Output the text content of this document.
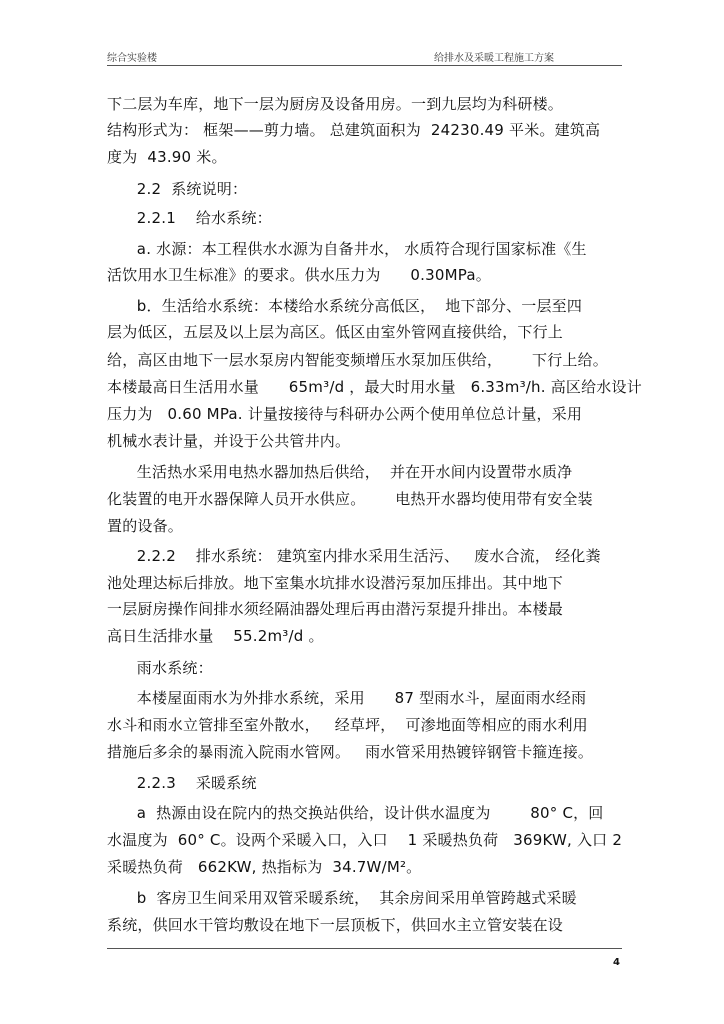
综合实验楼	给排水及采暖工程施工方案
下二层为车库，地下一层为厨房及设备用房。一到九层均为科研楼。
结构形式为： 框架——剪力墙。 总建筑面积为  24230.49 平米。建筑高
度为  43.90 米。
2.2  系统说明：
2.2.1    给水系统：
a. 水源：本工程供水水源为自备井水， 水质符合现行国家标准《生
活饮用水卫生标准》的要求。供水压力为      0.30MPa。
b．生活给水系统：本楼给水系统分高低区，  地下部分、一层至四
层为低区，五层及以上层为高区。低区由室外管网直接供给，下行上
给，高区由地下一层水泵房内智能变频增压水泵加压供给，      下行上给。
本楼最高日生活用水量      65m³/d ，最大时用水量   6.33m³/h. 高区给水设计
压力为   0.60 MPa. 计量按接待与科研办公两个使用单位总计量，采用
机械水表计量，并设于公共管井内。
生活热水采用电热水器加热后供给，  并在开水间内设置带水质净
化装置的电开水器保障人员开水供应。      电热开水器均使用带有安全装
置的设备。
2.2.2    排水系统： 建筑室内排水采用生活污、   废水合流， 经化粪
池处理达标后排放。地下室集水坑排水设潜污泵加压排出。其中地下
一层厨房操作间排水须经隔油器处理后再由潜污泵提升排出。本楼最
高日生活排水量    55.2m³/d 。
雨水系统：
本楼屋面雨水为外排水系统，采用      87 型雨水斗，屋面雨水经雨
水斗和雨水立管排至室外散水，   经草坪，  可渗地面等相应的雨水利用
措施后多余的暴雨流入院雨水管网。   雨水管采用热镀锌钢管卡箍连接。
2.2.3    采暖系统
a  热源由设在院内的热交换站供给，设计供水温度为        80° C，回
水温度为  60° C。设两个采暖入口，入口    1 采暖热负荷   369KW, 入口 2
采暖热负荷   662KW, 热指标为  34.7W/M²。
b  客房卫生间采用双管采暖系统，  其余房间采用单管跨越式采暖
系统，供回水干管均敷设在地下一层顶板下，供回水主立管安装在设
4
